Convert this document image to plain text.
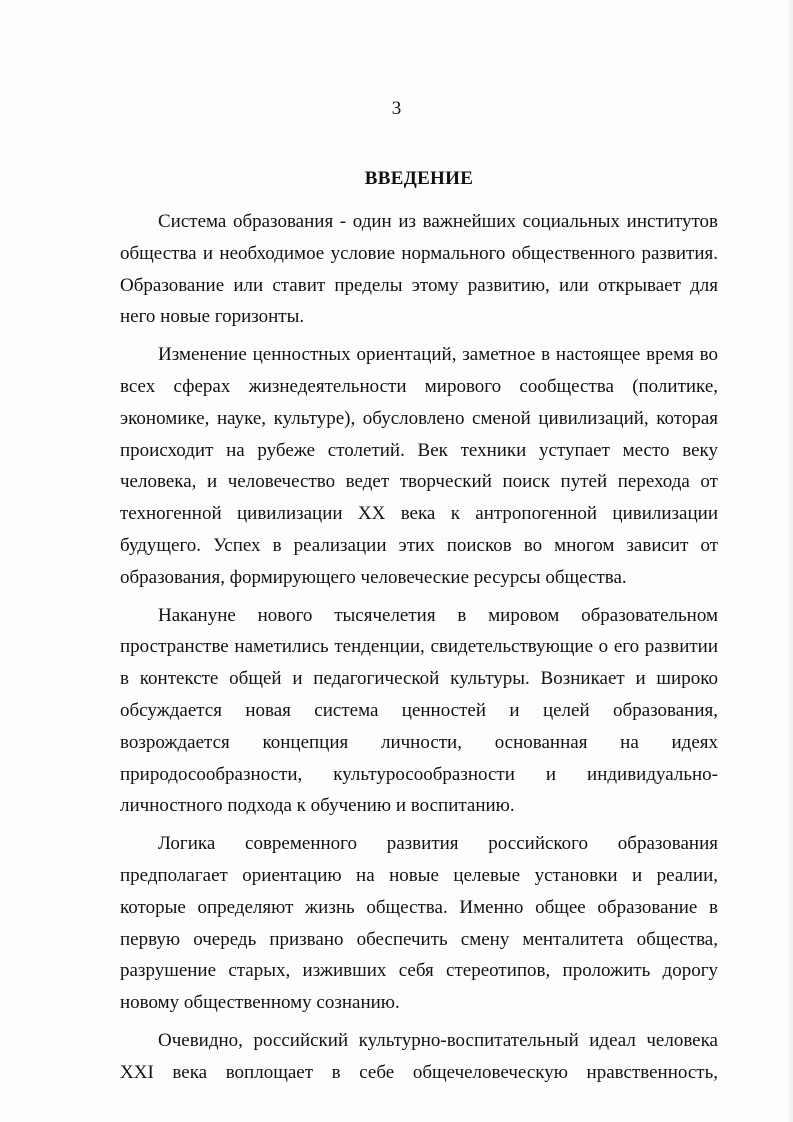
3
ВВЕДЕНИЕ

Система образования - один из важнейших социальных институтов общества и необходимое условие нормального общественного развития. Образование или ставит пределы этому развитию, или открывает для него новые горизонты.

Изменение ценностных ориентаций, заметное в настоящее время во всех сферах жизнедеятельности мирового сообщества (политике, экономике, науке, культуре), обусловлено сменой цивилизаций, которая происходит на рубеже столетий. Век техники уступает место веку человека, и человечество ведет творческий поиск путей перехода от техногенной цивилизации XX века к антропогенной цивилизации будущего. Успех в реализации этих поисков во многом зависит от образования, формирующего человеческие ресурсы общества.

Накануне нового тысячелетия в мировом образовательном пространстве наметились тенденции, свидетельствующие о его развитии в контексте общей и педагогической культуры. Возникает и широко обсуждается новая система ценностей и целей образования, возрождается концепция личности, основанная на идеях природосообразности, культуросообразности и индивидуально-личностного подхода к обучению и воспитанию.

Логика современного развития российского образования предполагает ориентацию на новые целевые установки и реалии, которые определяют жизнь общества. Именно общее образование в первую очередь призвано обеспечить смену менталитета общества, разрушение старых, изживших себя стереотипов, проложить дорогу новому общественному сознанию.

Очевидно, российский культурно-воспитательный идеал человека XXI века воплощает в себе общечеловеческую нравственность,
